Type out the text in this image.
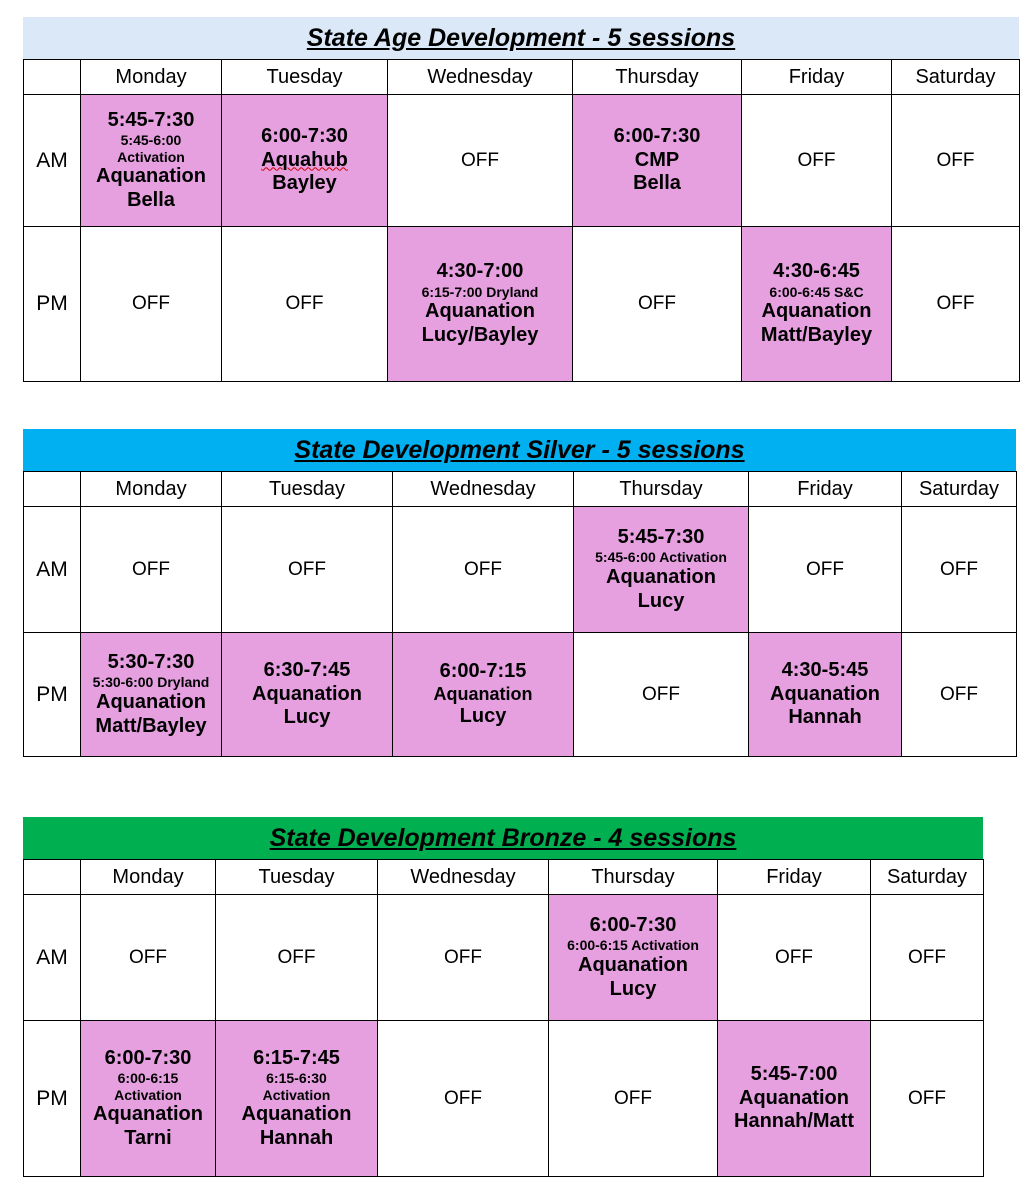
State Age Development - 5 sessions
	Monday	Tuesday	Wednesday	Thursday	Friday	Saturday
AM	5:45-7:30
5:45-6:00
Activation
Aquanation
Bella	6:00-7:30
Aquahub
Bayley	OFF	6:00-7:30
CMP
Bella	OFF	OFF
PM	OFF	OFF	4:30-7:00
6:15-7:00 Dryland
Aquanation
Lucy/Bayley	OFF	4:30-6:45
6:00-6:45 S&C
Aquanation
Matt/Bayley	OFF
State Development Silver - 5 sessions
	Monday	Tuesday	Wednesday	Thursday	Friday	Saturday
AM	OFF	OFF	OFF	5:45-7:30
5:45-6:00 Activation
Aquanation
Lucy	OFF	OFF
PM	5:30-7:30
5:30-6:00 Dryland
Aquanation
Matt/Bayley	6:30-7:45
Aquanation
Lucy	6:00-7:15
Aquanation
Lucy	OFF	4:30-5:45
Aquanation
Hannah	OFF
State Development Bronze - 4 sessions
	Monday	Tuesday	Wednesday	Thursday	Friday	Saturday
AM	OFF	OFF	OFF	6:00-7:30
6:00-6:15 Activation
Aquanation
Lucy	OFF	OFF
PM	6:00-7:30
6:00-6:15
Activation
Aquanation
Tarni	6:15-7:45
6:15-6:30
Activation
Aquanation
Hannah	OFF	OFF	5:45-7:00
Aquanation
Hannah/Matt	OFF
